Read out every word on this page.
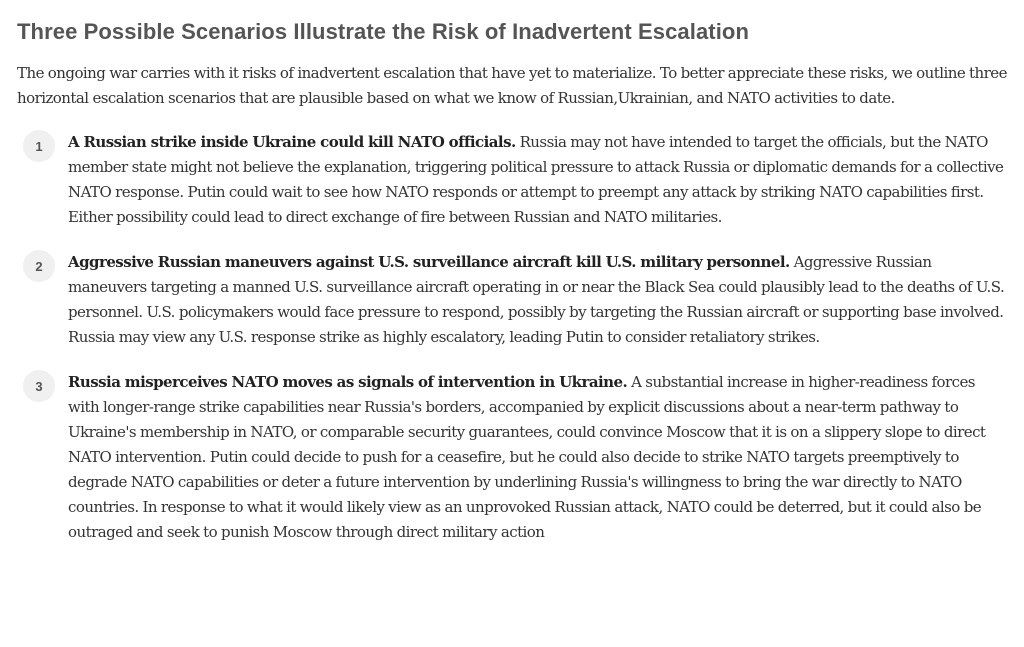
Three Possible Scenarios Illustrate the Risk of Inadvertent Escalation

The ongoing war carries with it risks of inadvertent escalation that have yet to materialize. To better appreciate these risks, we outline three horizontal escalation scenarios that are plausible based on what we know of Russian,Ukrainian, and NATO activities to date.

1	A Russian strike inside Ukraine could kill NATO officials. Russia may not have intended to target the officials, but the NATO member state might not believe the explanation, triggering political pressure to attack Russia or diplomatic demands for a collective NATO response. Putin could wait to see how NATO responds or attempt to preempt any attack by striking NATO capabilities first. Either possibility could lead to direct exchange of fire between Russian and NATO militaries.

2	Aggressive Russian maneuvers against U.S. surveillance aircraft kill U.S. military personnel. Aggressive Russian maneuvers targeting a manned U.S. surveillance aircraft operating in or near the Black Sea could plausibly lead to the deaths of U.S. personnel. U.S. policymakers would face pressure to respond, possibly by targeting the Russian aircraft or supporting base involved. Russia may view any U.S. response strike as highly escalatory, leading Putin to consider retaliatory strikes.

3	Russia misperceives NATO moves as signals of intervention in Ukraine. A substantial increase in higher-readiness forces with longer-range strike capabilities near Russia's borders, accompanied by explicit discussions about a near-term pathway to Ukraine's membership in NATO, or comparable security guarantees, could convince Moscow that it is on a slippery slope to direct NATO intervention. Putin could decide to push for a ceasefire, but he could also decide to strike NATO targets preemptively to degrade NATO capabilities or deter a future intervention by underlining Russia's willingness to bring the war directly to NATO countries. In response to what it would likely view as an unprovoked Russian attack, NATO could be deterred, but it could also be outraged and seek to punish Moscow through direct military action
